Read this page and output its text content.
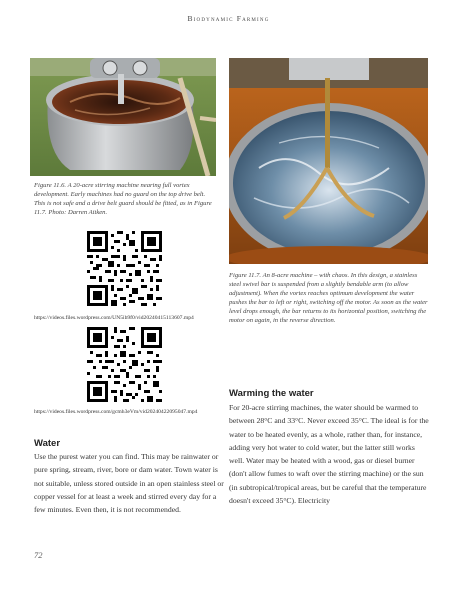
Biodynamic Farming
Figure 11.6. A 20-acre stirring machine nearing full vortex development. Early machines had no guard on the top drive belt. This is not safe and a drive belt guard should be fitted, as in Figure 11.7. Photo: Darren Aitken.
https://videos.files.wordpress.com/UN5ib9f0/vid20240415113607.mp4
https://videos.files.wordpress.com/gcmh3eVm/vid20240422095047.mp4
Figure 11.7. An 8-acre machine – with chaos. In this design, a stainless steel swivel bar is suspended from a slightly bendable arm (to allow adjustment). When the vortex reaches optimum development the water pushes the bar to left or right, switching off the motor. As soon as the water level drops enough, the bar returns to its horizontal position, switching the motor on again, in the reverse direction.
Water
Use the purest water you can find. This may be rainwater or pure spring, stream, river, bore or dam water. Town water is not suitable, unless stored outside in an open stainless steel or copper vessel for at least a week and stirred every day for a few minutes. Even then, it is not recommended.
Warming the water
For 20-acre stirring machines, the water should be warmed to between 28°C and 33°C. Never exceed 35°C. The ideal is for the water to be heated evenly, as a whole, rather than, for instance, adding very hot water to cold water, but the latter still works well. Water may be heated with a wood, gas or diesel burner (don't allow fumes to waft over the stirring machine) or the sun (in subtropical/tropical areas, but be careful that the temperature doesn't exceed 35°C). Electricity
72
